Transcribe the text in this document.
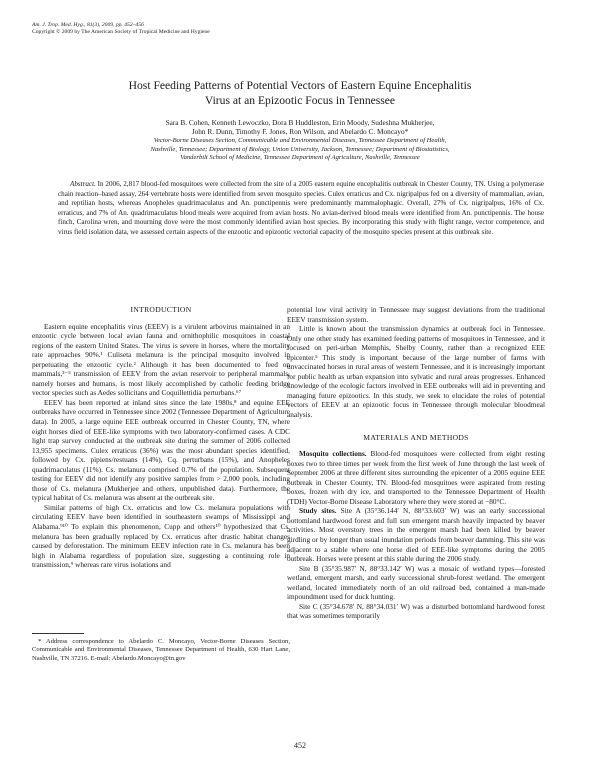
Am. J. Trop. Med. Hyg., 81(3), 2009, pp. 452–456
Copyright © 2009 by The American Society of Tropical Medicine and Hygiene
Host Feeding Patterns of Potential Vectors of Eastern Equine Encephalitis
Virus at an Epizootic Focus in Tennessee
Sara B. Cohen, Kenneth Lewoczko, Dora B Huddleston, Erin Moody, Sudeshna Mukherjee,
John R. Dunn, Timothy F. Jones, Ron Wilson, and Abelardo C. Moncayo*
Vector-Borne Diseases Section, Communicable and Environmental Diseases, Tennessee Department of Health,
Nashville, Tennessee; Department of Biology, Union University, Jackson, Tennessee; Department of Biostatistics,
Vanderbilt School of Medicine, Tennessee Department of Agriculture, Nashville, Tennessee
Abstract. In 2006, 2,817 blood-fed mosquitoes were collected from the site of a 2005 eastern equine encephalitis outbreak in Chester County, TN. Using a polymerase chain reaction–based assay, 264 vertebrate hosts were identified from seven mosquito species. Culex erraticus and Cx. nigripalpus fed on a diversity of mammalian, avian, and reptilian hosts, whereas Anopheles quadrimaculatus and An. punctipennis were predominantly mammalophagic. Overall, 27% of Cx. nigripalpus, 16% of Cx. erraticus, and 7% of An. quadrimaculatus blood meals were acquired from avian hosts. No avian-derived blood meals were identified from An. punctipennis. The house finch, Carolina wren, and mourning dove were the most commonly identified avian host species. By incorporating this study with flight range, vector competence, and virus field isolation data, we assessed certain aspects of the enzootic and epizootic vectorial capacity of the mosquito species present at this outbreak site.
INTRODUCTION

Eastern equine encephalitis virus (EEEV) is a virulent arbovirus maintained in an enzootic cycle between local avian fauna and ornithophilic mosquitoes in coastal regions of the eastern United States. The virus is severe in horses, where the mortality rate approaches 90%.¹ Culiseta melanura is the principal mosquito involved in perpetuating the enzootic cycle.² Although it has been documented to feed on mammals,³⁻⁵ transmission of EEEV from the avian reservoir to peripheral mammals, namely horses and humans, is most likely accomplished by catholic feeding bridge vector species such as Aedes sollicitans and Coquillettidia perturbans.⁶⁷

EEEV has been reported at inland sites since the late 1980s,⁸ and equine EEE outbreaks have occurred in Tennessee since 2002 (Tennessee Department of Agriculture data). In 2005, a large equine EEE outbreak occurred in Chester County, TN, where eight horses died of EEE-like symptoms with two laboratory-confirmed cases. A CDC light trap survey conducted at the outbreak site during the summer of 2006 collected 13,955 specimens. Culex erraticus (36%) was the most abundant species identified, followed by Cx. pipiens/restuans (14%), Cq. perturbans (15%), and Anopheles quadrimaculatus (11%). Cs. melanura comprised 0.7% of the population. Subsequent testing for EEEV did not identify any positive samples from > 2,000 pools, including those of Cs. melanura (Mukherjee and others, unpublished data). Furthermore, the typical habitat of Cs. melanura was absent at the outbreak site.

Similar patterns of high Cx. erraticus and low Cs. melanura populations with circulating EEEV have been identified in southeastern swamps of Mississippi and Alabama.⁹¹⁰ To explain this phenomenon, Cupp and others¹⁰ hypothesized that Cs. melanura has been gradually replaced by Cx. erraticus after drastic habitat changes caused by deforestation. The minimum EEEV infection rate in Cs. melanura has been high in Alabama regardless of population size, suggesting a continuing role in transmission,⁹ whereas rare virus isolations and

potential low viral activity in Tennessee may suggest deviations from the traditional EEEV transmission system.

Little is known about the transmission dynamics at outbreak foci in Tennessee. Only one other study has examined feeding patterns of mosquitoes in Tennessee, and it focused on peri-urban Memphis, Shelby County, rather than a recognized EEE epicenter.⁵ This study is important because of the large number of farms with unvaccinated horses in rural areas of western Tennessee, and it is increasingly important for public health as urban expansion into sylvatic and rural areas progresses. Enhanced knowledge of the ecologic factors involved in EEE outbreaks will aid in preventing and managing future epizootics. In this study, we seek to elucidate the roles of potential vectors of EEEV at an epizootic focus in Tennessee through molecular bloodmeal analysis.

MATERIALS AND METHODS

Mosquito collections. Blood-fed mosquitoes were collected from eight resting boxes two to three times per week from the first week of June through the last week of September 2006 at three different sites surrounding the epicenter of a 2005 equine EEE outbreak in Chester County, TN. Blood-fed mosquitoes were aspirated from resting boxes, frozen with dry ice, and transported to the Tennessee Department of Health (TDH) Vector-Borne Disease Laboratory where they were stored at −80°C.

Study sites. Site A (35°36.144′ N, 88°33.603′ W) was an early successional bottomland hardwood forest and full sun emergent marsh heavily impacted by beaver activities. Most overstory trees in the emergent marsh had been killed by beaver girdling or by longer than usual inundation periods from beaver damming. This site was adjacent to a stable where one horse died of EEE-like symptoms during the 2005 outbreak. Horses were present at this stable during the 2006 study.

Site B (35°35.987′ N, 88°33.142′ W) was a mosaic of wetland types—forested wetland, emergent marsh, and early successional shrub-forest wetland. The emergent wetland, located immediately north of an old railroad bed, contained a man-made impoundment used for duck hunting.

Site C (35°34.678′ N, 88°34.031′ W) was a disturbed bottomland hardwood forest that was sometimes temporarily

* Address correspondence to Abelardo C. Moncayo, Vector-Borne Diseases Section, Communicable and Environmental Diseases, Tennessee Department of Health, 630 Hart Lane, Nashville, TN 37216. E-mail: Abelardo.Moncayo@tn.gov

452
